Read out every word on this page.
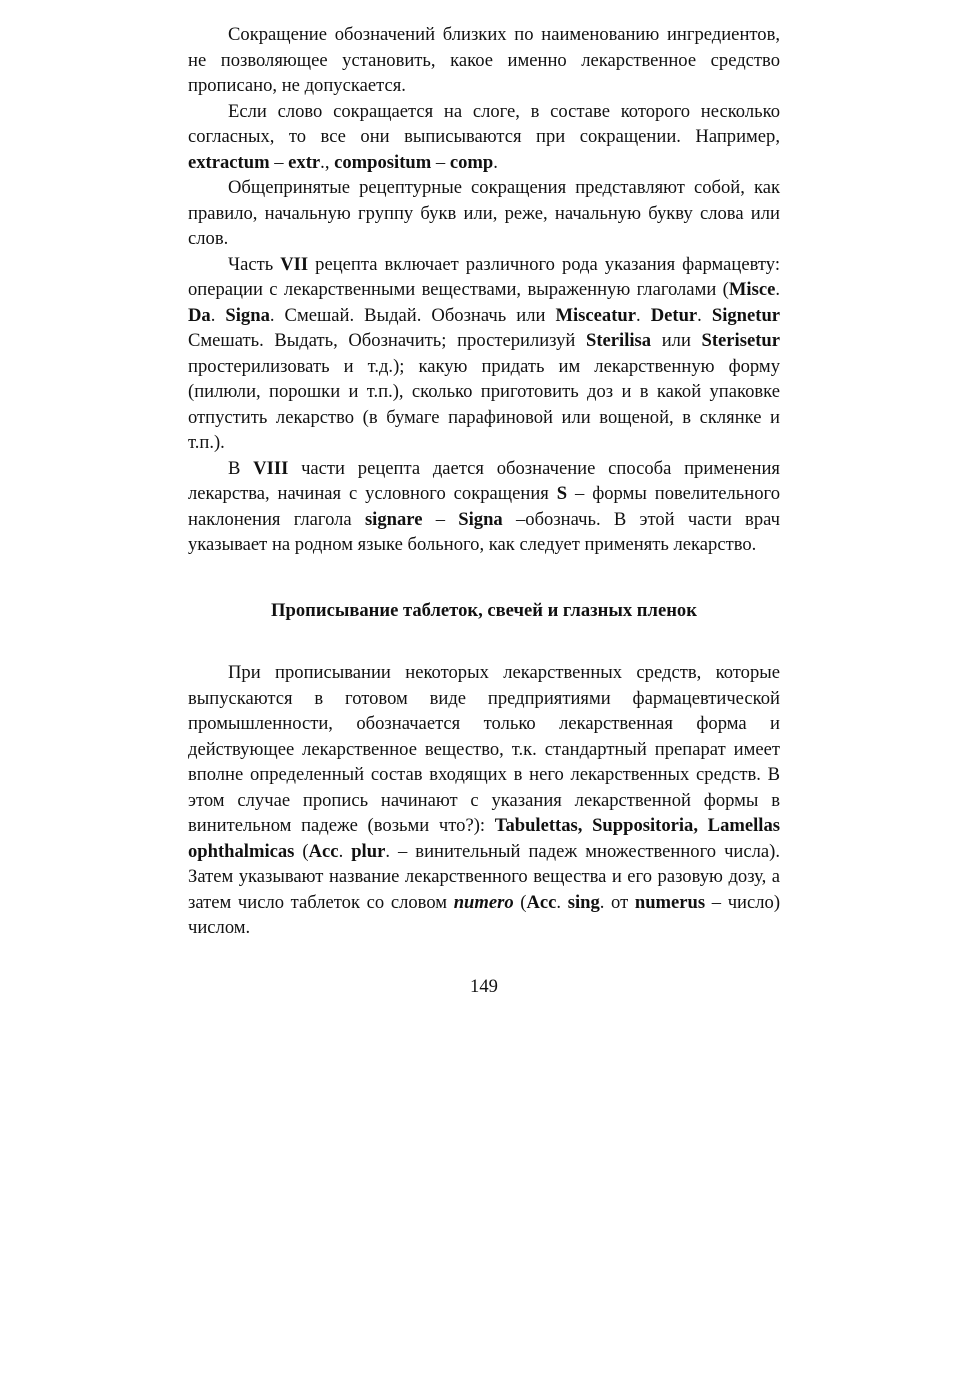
Сокращение обозначений близких по наименованию ингредиентов, не позволяющее установить, какое именно лекарственное средство прописано, не допускается.

Если слово сокращается на слоге, в составе которого несколько согласных, то все они выписываются при сокращении. Например, extractum – extr., compositum – comp.

Общепринятые рецептурные сокращения представляют собой, как правило, начальную группу букв или, реже, начальную букву слова или слов.

Часть VII рецепта включает различного рода указания фармацевту: операции с лекарственными веществами, выраженную глаголами (Misce. Da. Signa. Смешай. Выдай. Обозначь или Misceatur. Detur. Signetur Смешать. Выдать, Обозначить; простерилизуй Sterilisa или Sterisetur простерилизовать и т.д.); какую придать им лекарственную форму (пилюли, порошки и т.п.), сколько приготовить доз и в какой упаковке отпустить лекарство (в бумаге парафиновой или вощеной, в склянке и т.п.).

В VIII части рецепта дается обозначение способа применения лекарства, начиная с условного сокращения S – формы повелительного наклонения глагола signare – Signa –обозначь. В этой части врач указывает на родном языке больного, как следует применять лекарство.

Прописывание таблеток, свечей и глазных пленок

При прописывании некоторых лекарственных средств, которые выпускаются в готовом виде предприятиями фармацевтической промышленности, обозначается только лекарственная форма и действующее лекарственное вещество, т.к. стандартный препарат имеет вполне определенный состав входящих в него лекарственных средств. В этом случае пропись начинают с указания лекарственной формы в винительном падеже (возьми что?): Tabulettas, Suppositoria, Lamellas ophthalmicas (Acc. plur. – винительный падеж множественного числа). Затем указывают название лекарственного вещества и его разовую дозу, а затем число таблеток со словом numero (Acc. sing. от numerus – число) числом.

149
